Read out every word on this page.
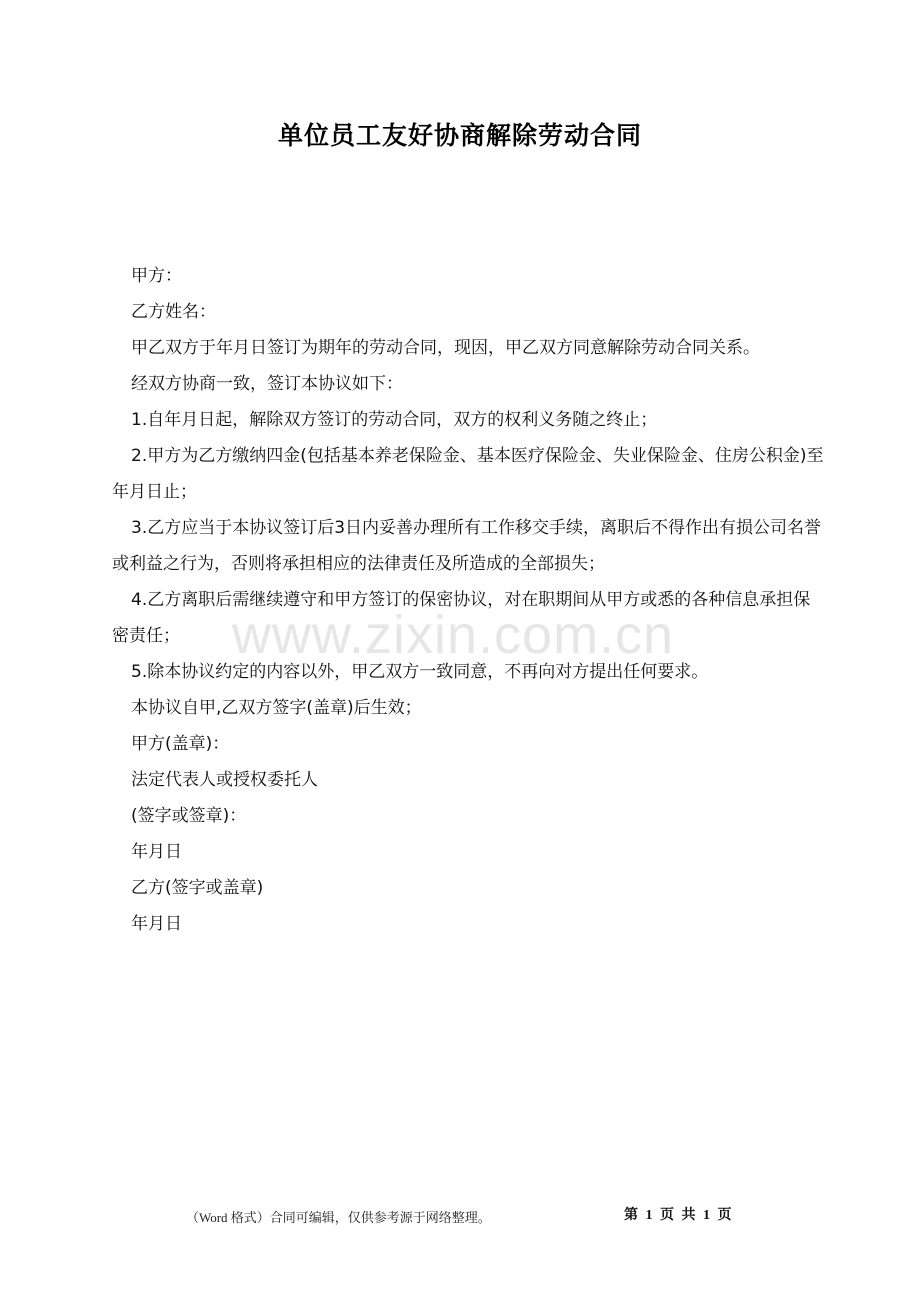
单位员工友好协商解除劳动合同

甲方：

乙方姓名：

甲乙双方于年月日签订为期年的劳动合同，现因，甲乙双方同意解除劳动合同关系。

经双方协商一致，签订本协议如下：

1.自年月日起，解除双方签订的劳动合同，双方的权利义务随之终止；

2.甲方为乙方缴纳四金(包括基本养老保险金、基本医疗保险金、失业保险金、住房公积金)至年月日止；

3.乙方应当于本协议签订后3日内妥善办理所有工作移交手续，离职后不得作出有损公司名誉或利益之行为，否则将承担相应的法律责任及所造成的全部损失；

4.乙方离职后需继续遵守和甲方签订的保密协议，对在职期间从甲方或悉的各种信息承担保密责任；

5.除本协议约定的内容以外，甲乙双方一致同意，不再向对方提出任何要求。

本协议自甲,乙双方签字(盖章)后生效；

甲方(盖章)：

法定代表人或授权委托人

(签字或签章)：

年月日

乙方(签字或盖章)

年月日

www.zixin.com.cn
（Word 格式）合同可编辑，仅供参考源于网络整理。	第 1 页 共 1 页
